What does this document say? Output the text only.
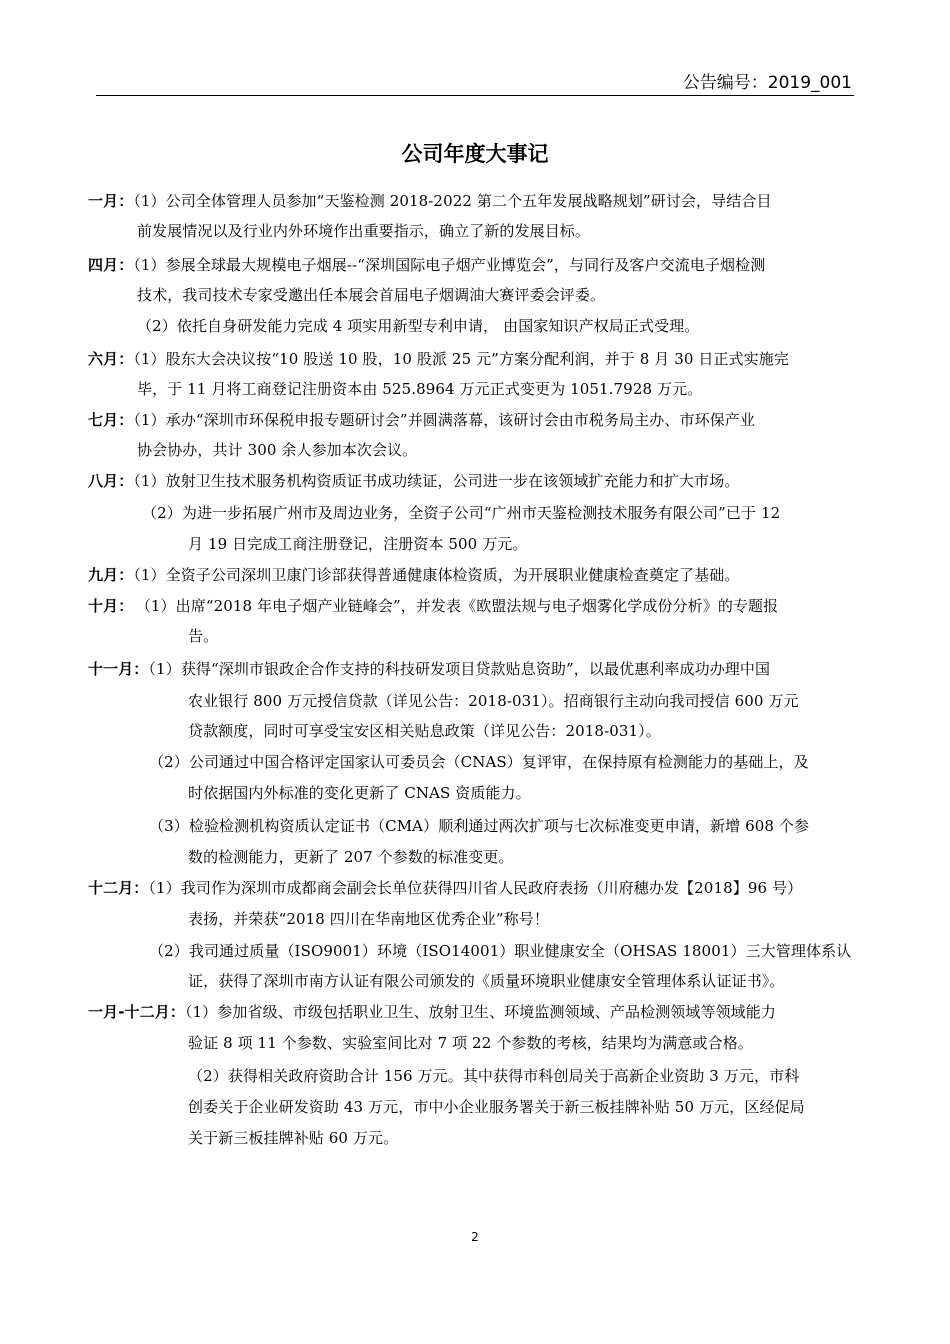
公告编号：2019_001
公司年度大事记
一月：（1）公司全体管理人员参加“天鉴检测 2018-2022 第二个五年发展战略规划”研讨会，导结合目
前发展情况以及行业内外环境作出重要指示，确立了新的发展目标。
四月：（1）参展全球最大规模电子烟展--“深圳国际电子烟产业博览会”，与同行及客户交流电子烟检测
技术，我司技术专家受邀出任本展会首届电子烟调油大赛评委会评委。
（2）依托自身研发能力完成 4 项实用新型专利申请， 由国家知识产权局正式受理。
六月：（1）股东大会决议按“10 股送 10 股，10 股派 25 元”方案分配利润，并于 8 月 30 日正式实施完
毕，于 11 月将工商登记注册资本由 525.8964 万元正式变更为 1051.7928 万元。
七月：（1）承办“深圳市环保税申报专题研讨会”并圆满落幕，该研讨会由市税务局主办、市环保产业
协会协办，共计 300 余人参加本次会议。
八月：（1）放射卫生技术服务机构资质证书成功续证，公司进一步在该领域扩充能力和扩大市场。
（2）为进一步拓展广州市及周边业务，全资子公司“广州市天鉴检测技术服务有限公司”已于 12
月 19 日完成工商注册登记，注册资本 500 万元。
九月：（1）全资子公司深圳卫康门诊部获得普通健康体检资质，为开展职业健康检查奠定了基础。
十月： （1）出席“2018 年电子烟产业链峰会”，并发表《欧盟法规与电子烟雾化学成份分析》的专题报
告。
十一月：（1）获得“深圳市银政企合作支持的科技研发项目贷款贴息资助”，以最优惠利率成功办理中国
农业银行 800 万元授信贷款（详见公告：2018-031）。招商银行主动向我司授信 600 万元
贷款额度，同时可享受宝安区相关贴息政策（详见公告：2018-031）。
（2）公司通过中国合格评定国家认可委员会（CNAS）复评审，在保持原有检测能力的基础上，及
时依据国内外标准的变化更新了 CNAS 资质能力。
（3）检验检测机构资质认定证书（CMA）顺利通过两次扩项与七次标准变更申请，新增 608 个参
数的检测能力，更新了 207 个参数的标准变更。
十二月：（1）我司作为深圳市成都商会副会长单位获得四川省人民政府表扬（川府穗办发【2018】96 号）
表扬，并荣获“2018 四川在华南地区优秀企业”称号！
（2）我司通过质量（ISO9001）环境（ISO14001）职业健康安全（OHSAS 18001）三大管理体系认
证，获得了深圳市南方认证有限公司颁发的《质量环境职业健康安全管理体系认证证书》。
一月-十二月：（1）参加省级、市级包括职业卫生、放射卫生、环境监测领域、产品检测领域等领域能力
验证 8 项 11 个参数、实验室间比对 7 项 22 个参数的考核，结果均为满意或合格。
（2）获得相关政府资助合计 156 万元。其中获得市科创局关于高新企业资助 3 万元，市科
创委关于企业研发资助 43 万元，市中小企业服务署关于新三板挂牌补贴 50 万元，区经促局
关于新三板挂牌补贴 60 万元。
2
